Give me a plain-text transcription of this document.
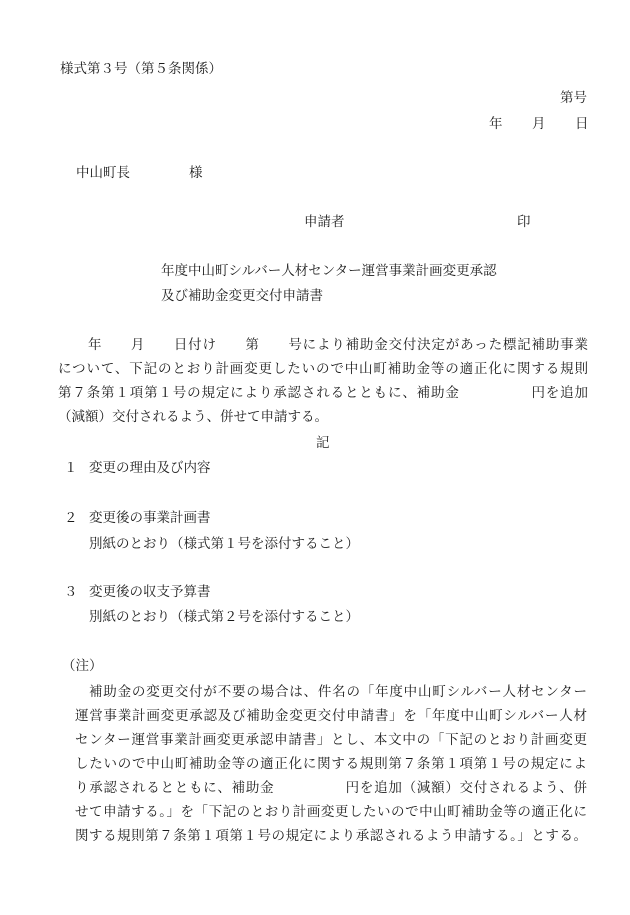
様式第３号（第５条関係）
第号
年 月 日
中山町長	様
申請者	印
年度中山町シルバー人材センター運営事業計画変更承認
及び補助金変更交付申請書
年　　月　　日付け　　第　　号により補助金交付決定があった標記補助事業
について、下記のとおり計画変更したいので中山町補助金等の適正化に関する規則
第７条第１項第１号の規定により承認されるとともに、補助金　　　　　円を追加
（減額）交付されるよう、併せて申請する。
記
１ 変更の理由及び内容
２ 変更後の事業計画書
別紙のとおり（様式第１号を添付すること）
３ 変更後の収支予算書
別紙のとおり（様式第２号を添付すること）
（注）
補助金の変更交付が不要の場合は、件名の「年度中山町シルバー人材センター
運営事業計画変更承認及び補助金変更交付申請書」を「年度中山町シルバー人材
センター運営事業計画変更承認申請書」とし、本文中の「下記のとおり計画変更
したいので中山町補助金等の適正化に関する規則第７条第１項第１号の規定によ
り承認されるとともに、補助金　　　　　円を追加（減額）交付されるよう、併
せて申請する。」を「下記のとおり計画変更したいので中山町補助金等の適正化に
関する規則第７条第１項第１号の規定により承認されるよう申請する。」とする。
